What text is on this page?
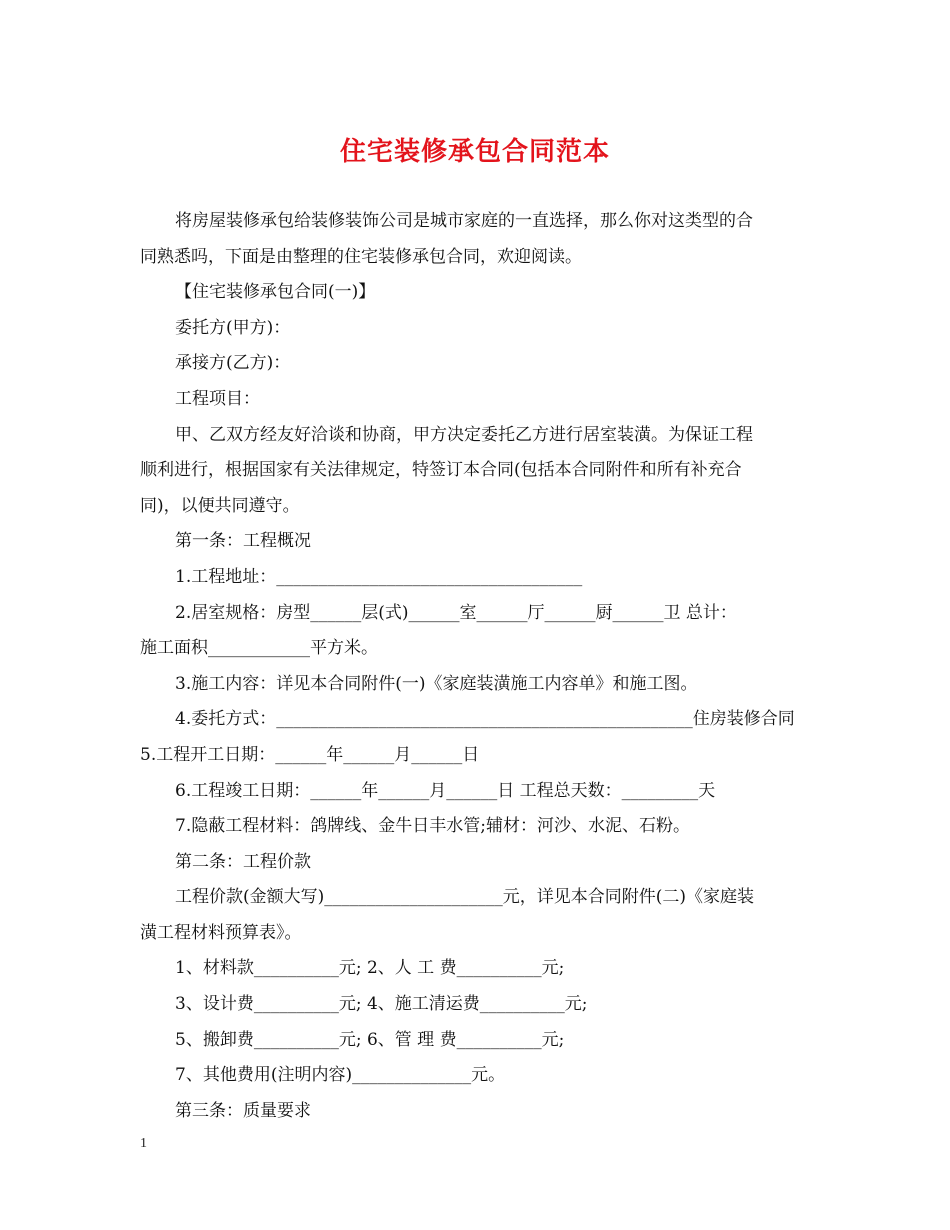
住宅装修承包合同范本

将房屋装修承包给装修装饰公司是城市家庭的一直选择，那么你对这类型的合

同熟悉吗，下面是由整理的住宅装修承包合同，欢迎阅读。

【住宅装修承包合同(一)】

委托方(甲方)：

承接方(乙方)：

工程项目：

甲、乙双方经友好洽谈和协商，甲方决定委托乙方进行居室装潢。为保证工程

顺利进行，根据国家有关法律规定，特签订本合同(包括本合同附件和所有补充合

同)，以便共同遵守。

第一条：工程概况

1.工程地址：____________________________________

2.居室规格：房型______层(式)______室______厅______厨______卫 总计：

施工面积____________平方米。

3.施工内容：详见本合同附件(一)《家庭装潢施工内容单》和施工图。

4.委托方式：_________________________________________________住房装修合同

5.工程开工日期：______年______月______日

6.工程竣工日期：______年______月______日 工程总天数：_________天

7.隐蔽工程材料：鸽牌线、金牛日丰水管;辅材：河沙、水泥、石粉。

第二条：工程价款

工程价款(金额大写)_____________________元，详见本合同附件(二)《家庭装

潢工程材料预算表》。

1、材料款__________元; 2、人 工 费__________元;

3、设计费__________元; 4、施工清运费__________元;

5、搬卸费__________元; 6、管 理 费__________元;

7、其他费用(注明内容)______________元。

第三条：质量要求

1
